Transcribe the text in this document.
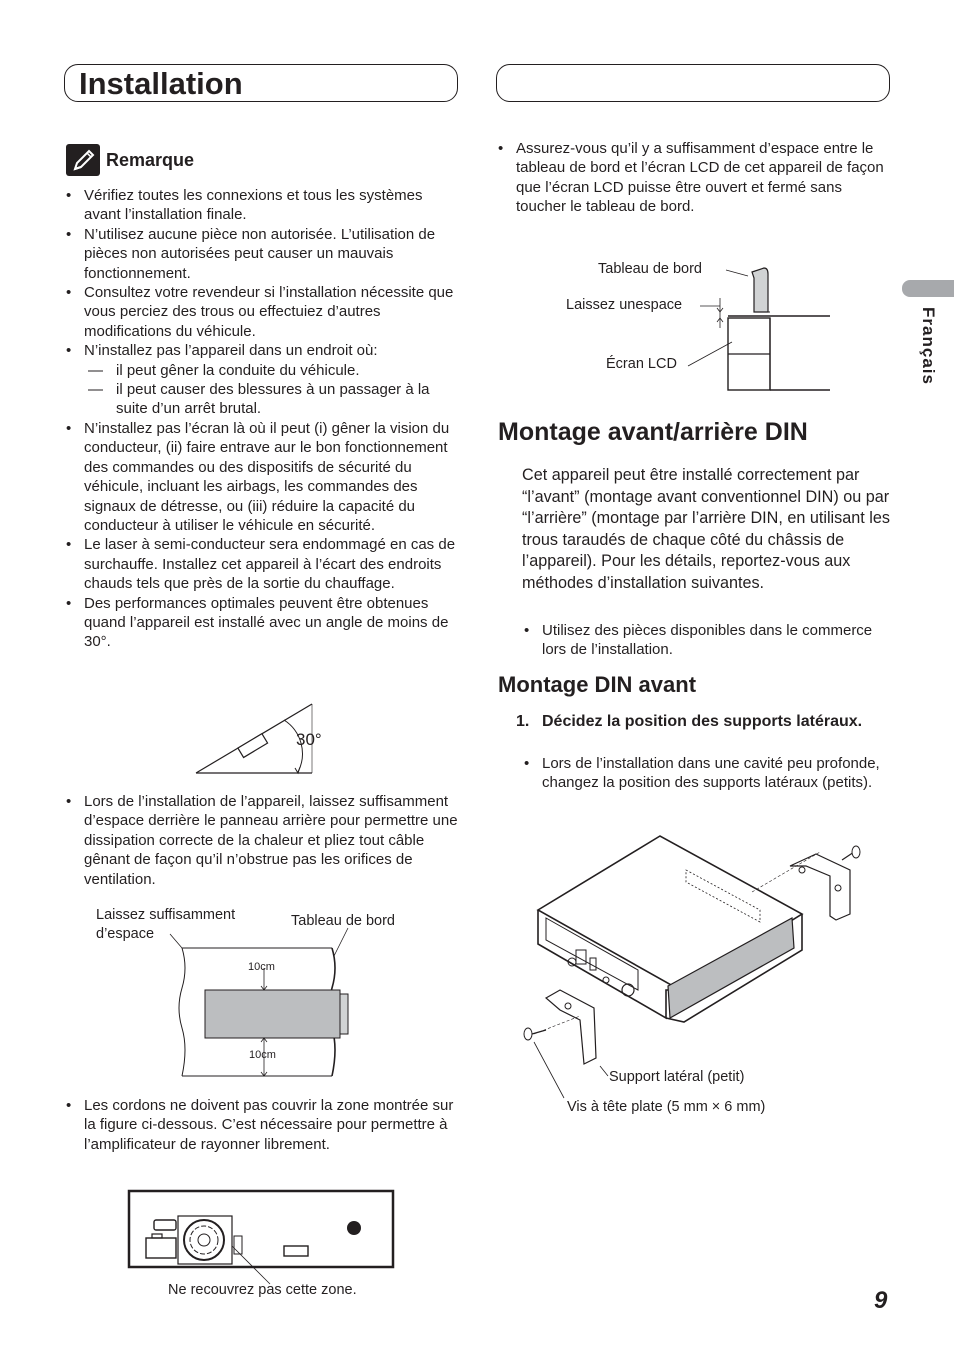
Installation
Français
Remarque
• Vérifiez toutes les connexions et tous les systèmes avant l’installation finale.
• N’utilisez aucune pièce non autorisée. L’utilisation de pièces non autorisées peut causer un mauvais fonctionnement.
• Consultez votre revendeur si l’installation nécessite que vous perciez des trous ou effectuiez d’autres modifications du véhicule.
• N’installez pas l’appareil dans un endroit où:
— il peut gêner la conduite du véhicule.
— il peut causer des blessures à un passager à la suite d’un arrêt brutal.
• N’installez pas l’écran là où il peut (i) gêner la vision du conducteur, (ii) faire entrave aur le bon fonctionnement des commandes ou des dispositifs de sécurité du véhicule, incluant les airbags, les commandes des signaux de détresse, ou (iii) réduire la capacité du conducteur à utiliser le véhicule en sécurité.
• Le laser à semi-conducteur sera endommagé en cas de surchauffe. Installez cet appareil à l’écart des endroits chauds tels que près de la sortie du chauffage.
• Des performances optimales peuvent être obtenues quand l’appareil est installé avec un angle de moins de 30°.
30°
• Lors de l’installation de l’appareil, laissez suffisamment d’espace derrière le panneau arrière pour permettre une dissipation correcte de la chaleur et pliez tout câble gênant de façon qu’il n’obstrue pas les orifices de ventilation.
Laissez suffisamment
d’espace
Tableau de bord
10cm
10cm
• Les cordons ne doivent pas couvrir la zone montrée sur la figure ci-dessous. C’est nécessaire pour permettre à l’amplificateur de rayonner librement.
Ne recouvrez pas cette zone.
• Assurez-vous qu’il y a suffisamment d’espace entre le tableau de bord et l’écran LCD de cet appareil de façon que l’écran LCD puisse être ouvert et fermé sans toucher le tableau de bord.
Tableau de bord
Laissez unespace
Écran LCD
Montage avant/arrière DIN
Cet appareil peut être installé correctement par “l’avant” (montage avant conventionnel DIN) ou par “l’arrière” (montage par l’arrière DIN, en utilisant les trous taraudés de chaque côté du châssis de l’appareil). Pour les détails, reportez-vous aux méthodes d’installation suivantes.
• Utilisez des pièces disponibles dans le commerce lors de l’installation.
Montage DIN avant
1. Décidez la position des supports latéraux.
• Lors de l’installation dans une cavité peu profonde, changez la position des supports latéraux (petits).
Support latéral (petit)
Vis à tête plate (5 mm × 6 mm)
9
